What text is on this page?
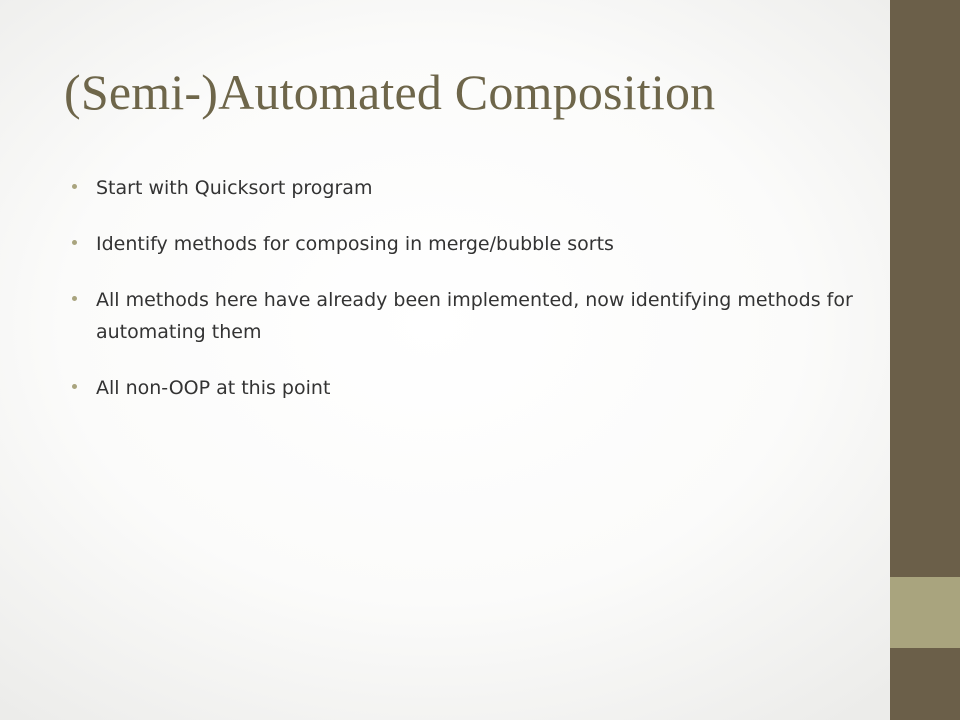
(Semi-)Automated Composition
Start with Quicksort program
Identify methods for composing in merge/bubble sorts
All methods here have already been implemented, now identifying methods for automating them
All non-OOP at this point
